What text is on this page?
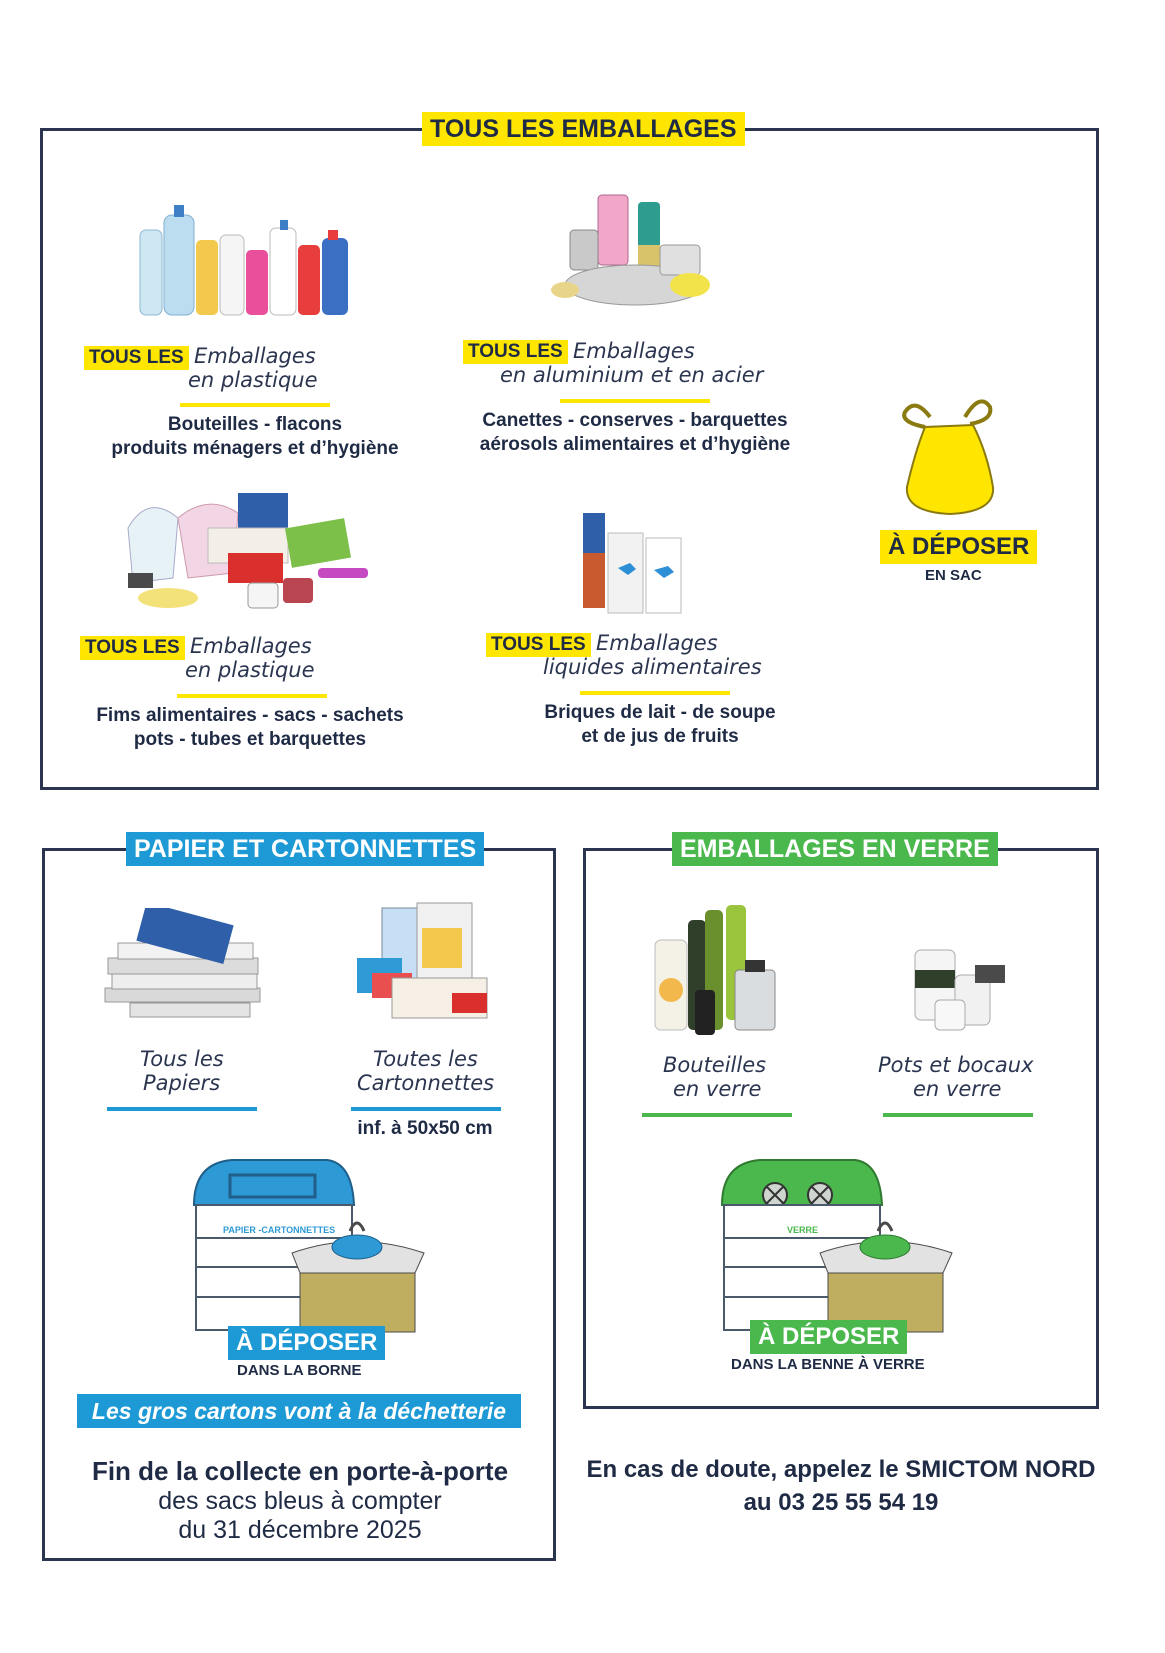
TOUS LES EMBALLAGES
TOUS LES Emballages
en plastique
Bouteilles - flacons
produits ménagers et d’hygiène
TOUS LES Emballages
en aluminium et en acier
Canettes - conserves - barquettes
aérosols alimentaires et d’hygiène
TOUS LES Emballages
en plastique
Fims alimentaires - sacs - sachets
pots - tubes et barquettes
TOUS LES Emballages
liquides alimentaires
Briques de lait - de soupe
et de jus de fruits
À DÉPOSER
EN SAC
PAPIER ET CARTONNETTES
Tous les
Papiers
Toutes les
Cartonnettes
inf. à 50x50 cm
PAPIER -CARTONNETTES
À DÉPOSER
DANS LA BORNE
Les gros cartons vont à la déchetterie
Fin de la collecte en porte-à-porte
des sacs bleus à compter
du 31 décembre 2025
EMBALLAGES EN VERRE
Bouteilles
en verre
Pots et bocaux
en verre
VERRE
À DÉPOSER
DANS LA BENNE À VERRE
En cas de doute, appelez le SMICTOM NORD
au 03 25 55 54 19
